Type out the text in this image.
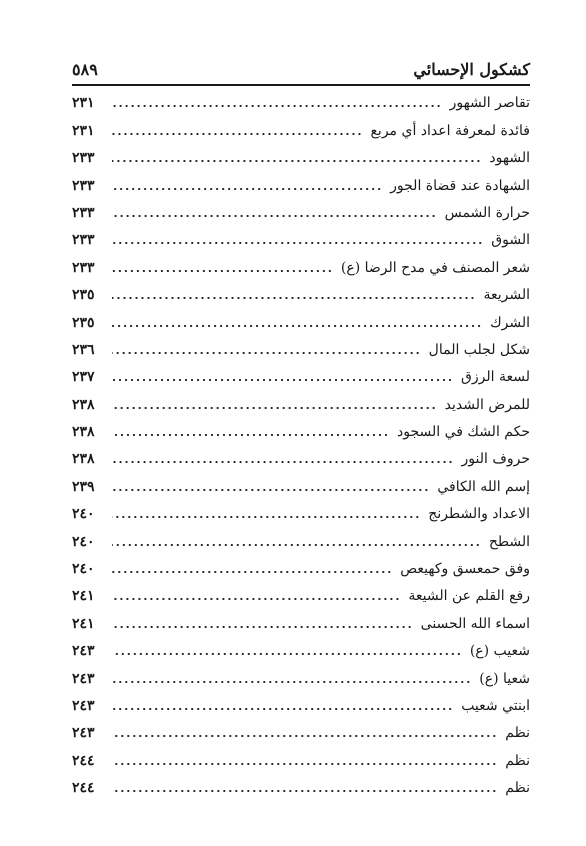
كشكول الإحسائي
٥٨٩
تقاصر الشهور
٢٣١
فائدة لمعرفة اعداد أي مربع
٢٣١
الشهود
٢٣٣
الشهادة عند قضاة الجور
٢٣٣
حرارة الشمس
٢٣٣
الشوق
٢٣٣
شعر المصنف في مدح الرضا (ع)
٢٣٣
الشريعة
٢٣٥
الشرك
٢٣٥
شكل لجلب المال
٢٣٦
لسعة الرزق
٢٣٧
للمرض الشديد
٢٣٨
حكم الشك في السجود
٢٣٨
حروف النور
٢٣٨
إسم الله الكافي
٢٣٩
الاعداد والشطرنج
٢٤٠
الشطح
٢٤٠
وفق حمعسق وكهيعص
٢٤٠
رفع القلم عن الشيعة
٢٤١
اسماء الله الحسنى
٢٤١
شعيب (ع)
٢٤٣
شعيا (ع)
٢٤٣
ابنتي شعيب
٢٤٣
نظم
٢٤٣
نظم
٢٤٤
نظم
٢٤٤
